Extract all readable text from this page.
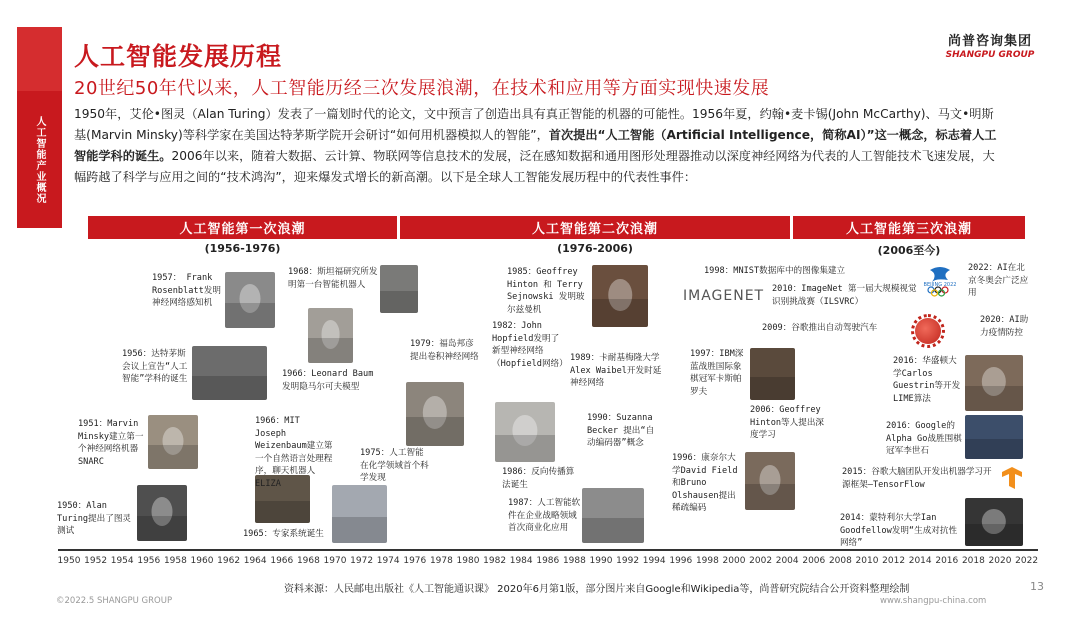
人工智能产业概况
人工智能发展历程
20世纪50年代以来，人工智能历经三次发展浪潮，在技术和应用等方面实现快速发展
尚普咨询集团
SHANGPU GROUP
1950年，艾伦•图灵（Alan Turing）发表了一篇划时代的论文，文中预言了创造出具有真正智能的机器的可能性。1956年夏，约翰•麦卡锡(John McCarthy)、马文•明斯基(Marvin Minsky)等科学家在美国达特茅斯学院开会研讨“如何用机器模拟人的智能”，首次提出“人工智能（Artificial Intelligence，简称AI）”这一概念，标志着人工智能学科的诞生。2006年以来，随着大数据、云计算、物联网等信息技术的发展，泛在感知数据和通用图形处理器推动以深度神经网络为代表的人工智能技术飞速发展，大幅跨越了科学与应用之间的“技术鸿沟”，迎来爆发式增长的新高潮。以下是全球人工智能发展历程中的代表性事件：
人工智能第一次浪潮	人工智能第二次浪潮	人工智能第三次浪潮
(1956-1976)	(1976-2006)	(2006至今)
IMAGENET
BEIJING 2022
1957： Frank Rosenblatt发明神经网络感知机
1968：斯坦福研究所发明第一台智能机器人
1956：达特茅斯会议上宣告“人工智能”学科的诞生	1966：Leonard Baum发明隐马尔可夫模型
1951：Marvin Minsky建立第一个神经网络机器SNARC
1966：MIT Joseph Weizenbaum建立第一个自然语言处理程序，聊天机器人ELIZA
1950：Alan Turing提出了图灵测试	1965：专家系统诞生
1975：人工智能在化学领域首个科学发现
1979：福岛邦彦提出卷积神经网络
1985：Geoffrey Hinton 和 Terry Sejnowski 发明玻尔兹曼机
1982：John Hopfield发明了新型神经网络（Hopfield网络）
1989：卡耐基梅隆大学Alex Waibel开发时延神经网络
1990：Suzanna Becker 提出“自动编码器”概念
1986：反向传播算法诞生
1987：人工智能软件在企业战略领域首次商业化应用
1998：MNIST数据库中的图像集建立
2010：ImageNet 第一届大规模视觉识别挑战赛（ILSVRC）
2009：谷歌推出自动驾驶汽车
1997：IBM深蓝战胜国际象棋冠军卡斯帕罗夫
2006：Geoffrey Hinton等人提出深度学习
1996：康奈尔大学David Field和Bruno Olshausen提出稀疏编码
2022：AI在北京冬奥会广泛应用
2020：AI助力疫情防控
2016：华盛顿大学Carlos Guestrin等开发LIME算法
2016：Google的Alpha Go战胜围棋冠军李世石
2015：谷歌大脑团队开发出机器学习开源框架—TensorFlow
2014：蒙特利尔大学Ian Goodfellow发明“生成对抗性网络”
1950 1952 1954 1956 1958 1960 1962 1964 1966 1968 1970 1972 1974 1976 1978 1980 1982 1984 1986 1988 1990 1992 1994 1996 1998 2000 2002 2004 2006 2008 2010 2012 2014 2016 2018 2020 2022
资料来源：人民邮电出版社《人工智能通识课》 2020年6月第1版，部分图片来自Google和Wikipedia等，尚普研究院结合公开资料整理绘制	13
©2022.5 SHANGPU GROUP	www.shangpu-china.com
